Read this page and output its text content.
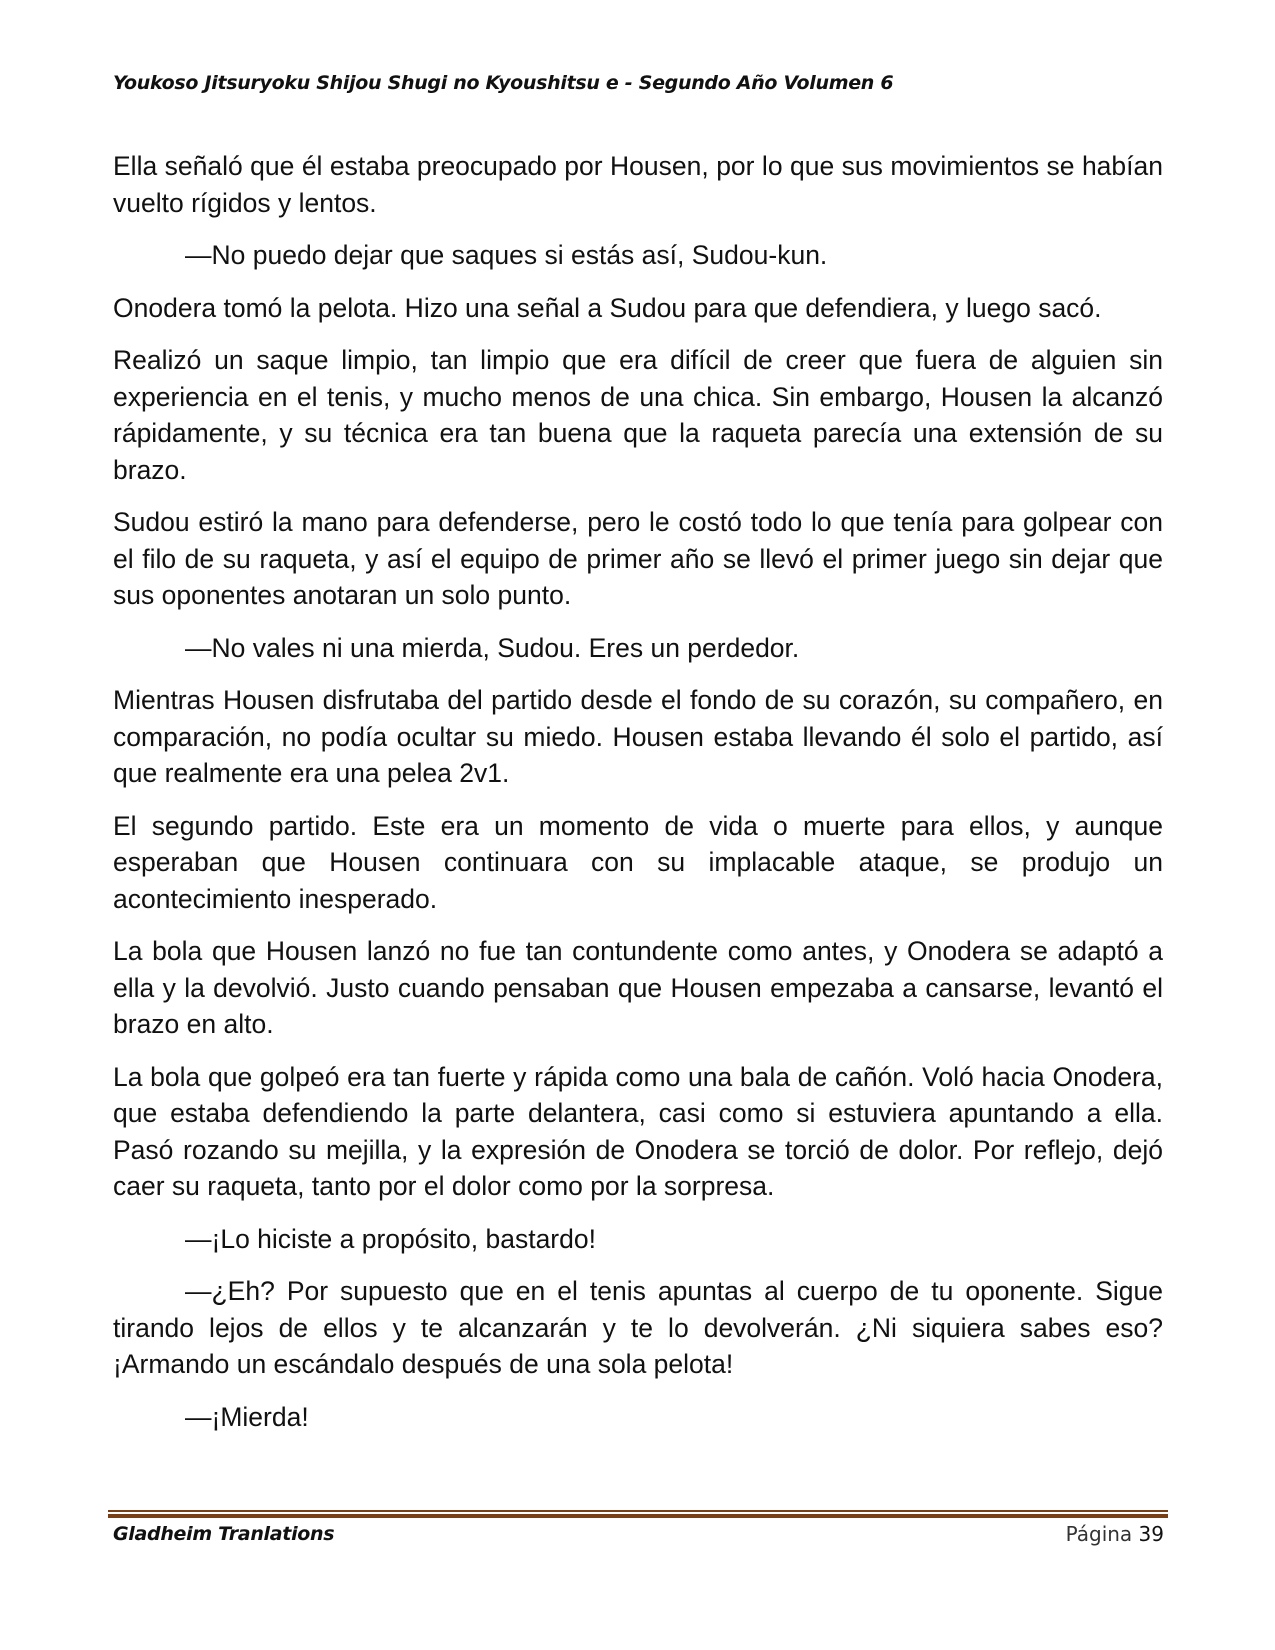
Youkoso Jitsuryoku Shijou Shugi no Kyoushitsu e - Segundo Año Volumen 6

Ella señaló que él estaba preocupado por Housen, por lo que sus movimientos se habían vuelto rígidos y lentos.

—No puedo dejar que saques si estás así, Sudou-kun.

Onodera tomó la pelota. Hizo una señal a Sudou para que defendiera, y luego sacó.

Realizó un saque limpio, tan limpio que era difícil de creer que fuera de alguien sin experiencia en el tenis, y mucho menos de una chica. Sin embargo, Housen la alcanzó rápidamente, y su técnica era tan buena que la raqueta parecía una extensión de su brazo.

Sudou estiró la mano para defenderse, pero le costó todo lo que tenía para golpear con el filo de su raqueta, y así el equipo de primer año se llevó el primer juego sin dejar que sus oponentes anotaran un solo punto.

—No vales ni una mierda, Sudou. Eres un perdedor.

Mientras Housen disfrutaba del partido desde el fondo de su corazón, su compañero, en comparación, no podía ocultar su miedo. Housen estaba llevando él solo el partido, así que realmente era una pelea 2v1.

El segundo partido. Este era un momento de vida o muerte para ellos, y aunque esperaban que Housen continuara con su implacable ataque, se produjo un acontecimiento inesperado.

La bola que Housen lanzó no fue tan contundente como antes, y Onodera se adaptó a ella y la devolvió. Justo cuando pensaban que Housen empezaba a cansarse, levantó el brazo en alto.

La bola que golpeó era tan fuerte y rápida como una bala de cañón. Voló hacia Onodera, que estaba defendiendo la parte delantera, casi como si estuviera apuntando a ella. Pasó rozando su mejilla, y la expresión de Onodera se torció de dolor. Por reflejo, dejó caer su raqueta, tanto por el dolor como por la sorpresa.

—¡Lo hiciste a propósito, bastardo!

—¿Eh? Por supuesto que en el tenis apuntas al cuerpo de tu oponente. Sigue tirando lejos de ellos y te alcanzarán y te lo devolverán. ¿Ni siquiera sabes eso? ¡Armando un escándalo después de una sola pelota!

—¡Mierda!

Gladheim Tranlations	Página 39
